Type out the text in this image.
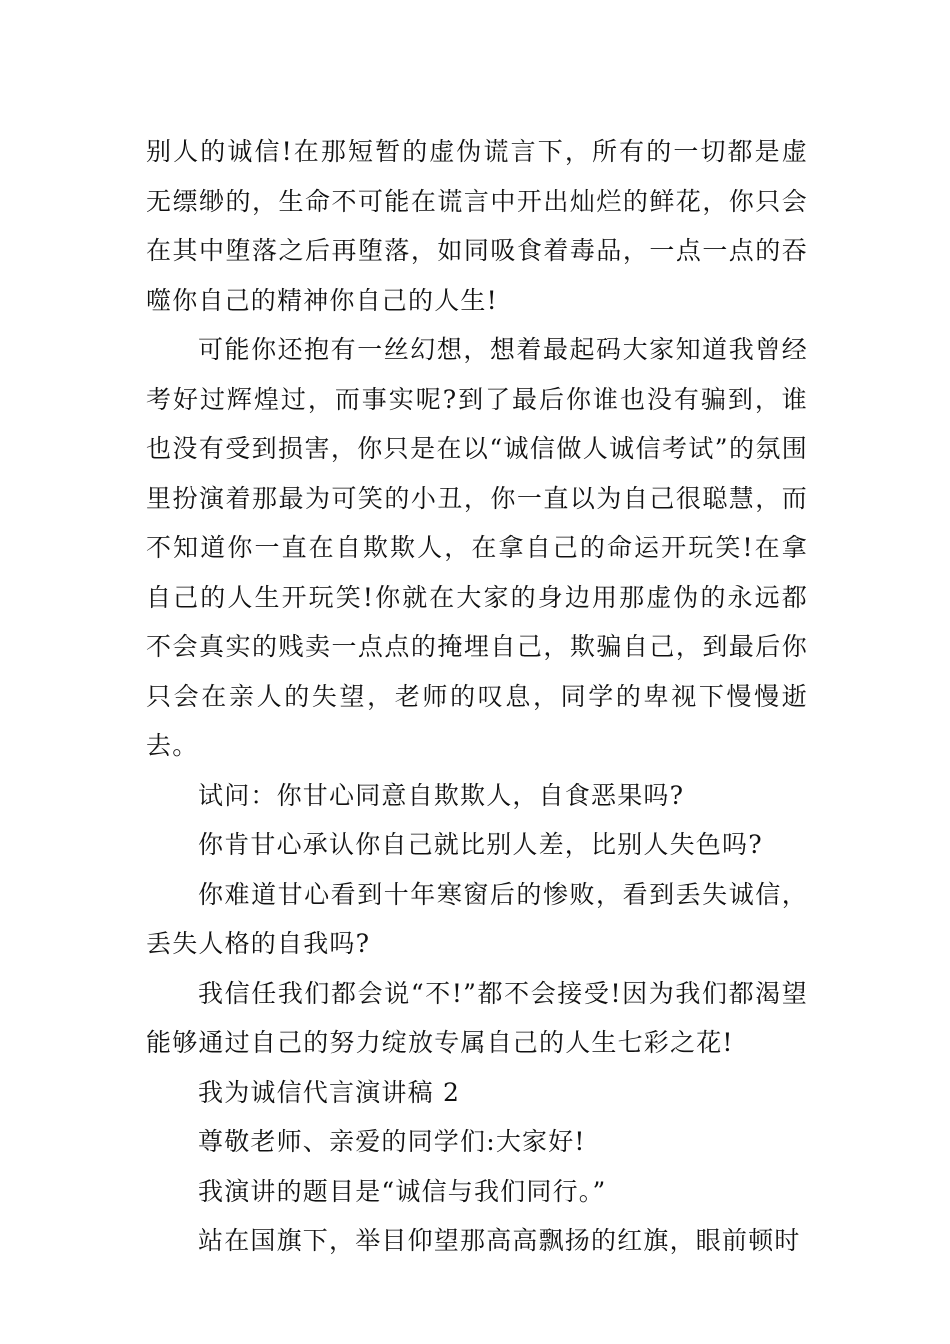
别人的诚信!在那短暂的虚伪谎言下，所有的一切都是虚无缥缈的，生命不可能在谎言中开出灿烂的鲜花，你只会在其中堕落之后再堕落，如同吸食着毒品，一点一点的吞噬你自己的精神你自己的人生!

可能你还抱有一丝幻想，想着最起码大家知道我曾经考好过辉煌过，而事实呢?到了最后你谁也没有骗到，谁也没有受到损害，你只是在以“诚信做人诚信考试”的氛围里扮演着那最为可笑的小丑，你一直以为自己很聪慧，而不知道你一直在自欺欺人，在拿自己的命运开玩笑!在拿自己的人生开玩笑!你就在大家的身边用那虚伪的永远都不会真实的贱卖一点点的掩埋自己，欺骗自己，到最后你只会在亲人的失望，老师的叹息，同学的卑视下慢慢逝去。

试问：你甘心同意自欺欺人，自食恶果吗?

你肯甘心承认你自己就比别人差，比别人失色吗?

你难道甘心看到十年寒窗后的惨败，看到丢失诚信，丢失人格的自我吗?

我信任我们都会说“不!”都不会接受!因为我们都渴望能够通过自己的努力绽放专属自己的人生七彩之花!

我为诚信代言演讲稿 2

尊敬老师、亲爱的同学们:大家好!

我演讲的题目是“诚信与我们同行。”

站在国旗下，举目仰望那高高飘扬的红旗，眼前顿时
